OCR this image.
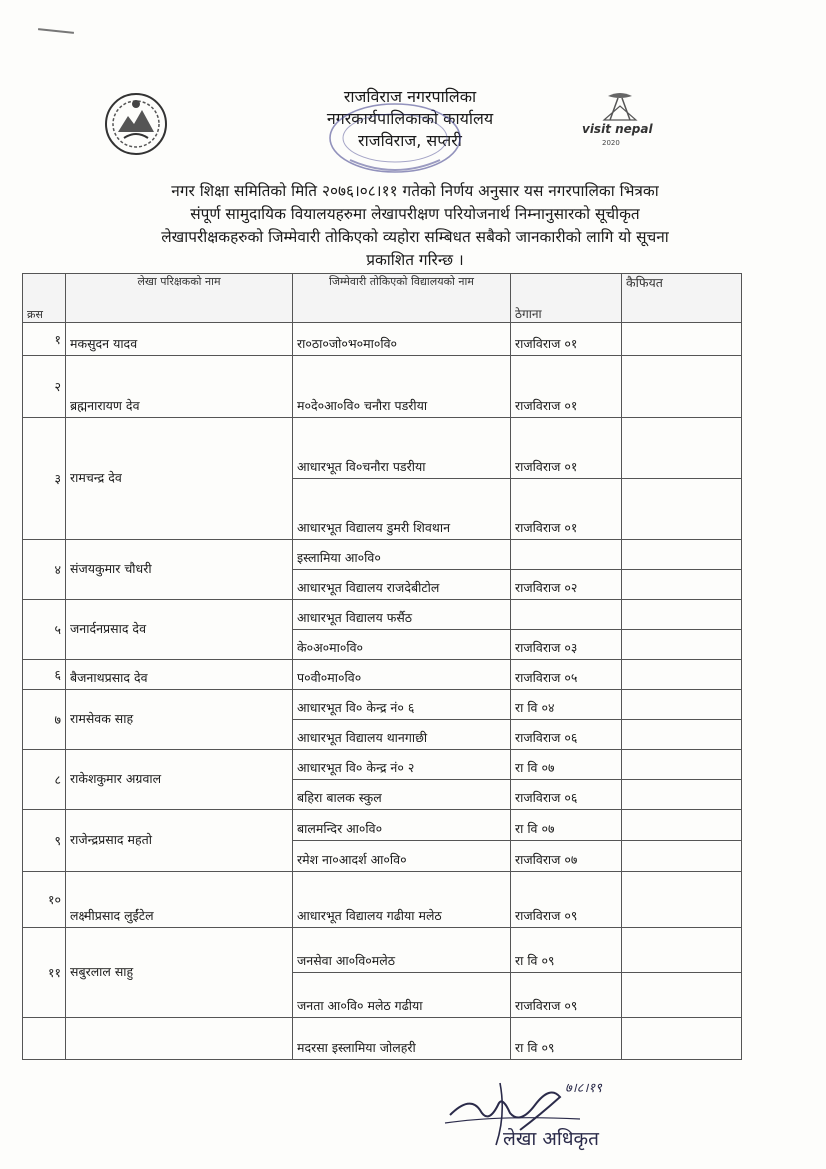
राजविराज नगरपालिका
नगरकार्यपालिकाको कार्यालय
राजविराज, सप्तरी
visit nepal
2020
नगर शिक्षा समितिको मिति २०७६।०८।११ गतेको निर्णय अनुसार यस नगरपालिका भित्रका
संपूर्ण सामुदायिक वियालयहरुमा लेखापरीक्षण परियोजनार्थ निम्नानुसारको सूचीकृत
लेखापरीक्षकहरुको जिम्मेवारी तोकिएको व्यहोरा सम्बिधत सबैको जानकारीको लागि यो सूचना
प्रकाशित गरिन्छ ।
क्रस	लेखा परिक्षकको नाम	जिम्मेवारी तोकिएको विद्यालयको नाम	ठेगाना	कैफियत
१	मकसुदन यादव	रा०ठा०जो०भ०मा०वि०	राजविराज ०१	
२	ब्रह्मनारायण देव	म०दे०आ०वि० चनौरा पडरीया	राजविराज ०१	
३	रामचन्द्र देव	आधारभूत वि०चनौरा पडरीया	राजविराज ०१	
		आधारभूत विद्यालय डुमरी शिवथान	राजविराज ०१	
४	संजयकुमार चौधरी	इस्लामिया आ०वि०		
		आधारभूत विद्यालय राजदेबीटोल	राजविराज ०२	
५	जनार्दनप्रसाद देव	आधारभूत विद्यालय फर्सैठ		
		के०अ०मा०वि०	राजविराज ०३	
६	बैजनाथप्रसाद देव	प०वी०मा०वि०	राजविराज ०५	
७	रामसेवक साह	आधारभूत वि० केन्द्र नं० ६	रा वि ०४	
		आधारभूत विद्यालय थानगाछी	राजविराज ०६	
८	राकेशकुमार अग्रवाल	आधारभूत वि० केन्द्र नं० २	रा वि ०७	
		बहिरा बालक स्कुल	राजविराज ०६	
९	राजेन्द्रप्रसाद महतो	बालमन्दिर आ०वि०	रा वि ०७	
		रमेश ना०आदर्श आ०वि०	राजविराज ०७	
१०	लक्ष्मीप्रसाद लुईंटेल	आधारभूत विद्यालय गढीया मलेठ	राजविराज ०९	
११	सबुरलाल साहु	जनसेवा आ०वि०मलेठ	रा वि ०९	
		जनता आ०वि० मलेठ गढीया	राजविराज ०९	
		मदरसा इस्लामिया जोलहरी	रा वि ०९	
७।८।१९
लेखा अधिकृत
